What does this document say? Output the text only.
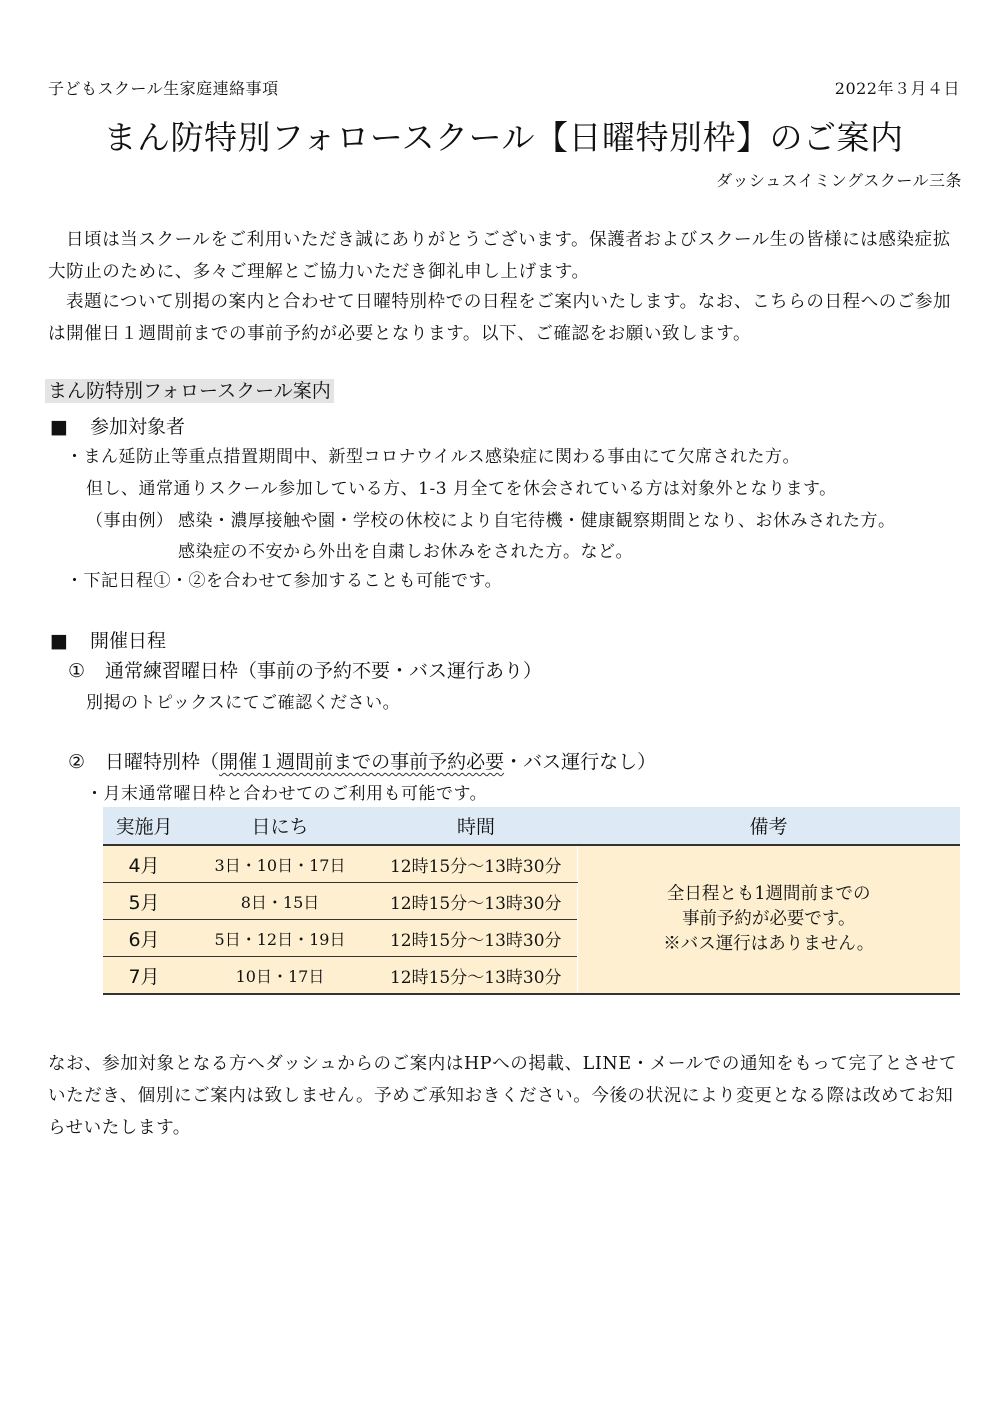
子どもスクール生家庭連絡事項	2022年３月４日
まん防特別フォロースクール【日曜特別枠】のご案内
ダッシュスイミングスクール三条
日頃は当スクールをご利用いただき誠にありがとうございます。保護者およびスクール生の皆様には感染症拡大防止のために、多々ご理解とご協力いただき御礼申し上げます。
表題について別掲の案内と合わせて日曜特別枠での日程をご案内いたします。なお、こちらの日程へのご参加は開催日１週間前までの事前予約が必要となります。以下、ご確認をお願い致します。
まん防特別フォロースクール案内
■ 参加対象者
・まん延防止等重点措置期間中、新型コロナウイルス感染症に関わる事由にて欠席された方。
但し、通常通りスクール参加している方、1-3 月全てを休会されている方は対象外となります。
（事由例） 感染・濃厚接触や園・学校の休校により自宅待機・健康観察期間となり、お休みされた方。
感染症の不安から外出を自粛しお休みをされた方。など。
・下記日程①・②を合わせて参加することも可能です。
■ 開催日程
① 通常練習曜日枠（事前の予約不要・バス運行あり）
別掲のトピックスにてご確認ください。
② 日曜特別枠（開催１週間前までの事前予約必要・バス運行なし）
・月末通常曜日枠と合わせてのご利用も可能です。
実施月	日にち	時間	備考
4月	3日・10日・17日	12時15分～13時30分	全日程とも1週間前までの
事前予約が必要です。
※バス運行はありません。

5月	8日・15日	12時15分～13時30分	
6月	5日・12日・19日	12時15分～13時30分	
7月	10日・17日	12時15分～13時30分	
なお、参加対象となる方へダッシュからのご案内はHPへの掲載、LINE・メールでの通知をもって完了とさせていただき、個別にご案内は致しません。予めご承知おきください。今後の状況により変更となる際は改めてお知らせいたします。
